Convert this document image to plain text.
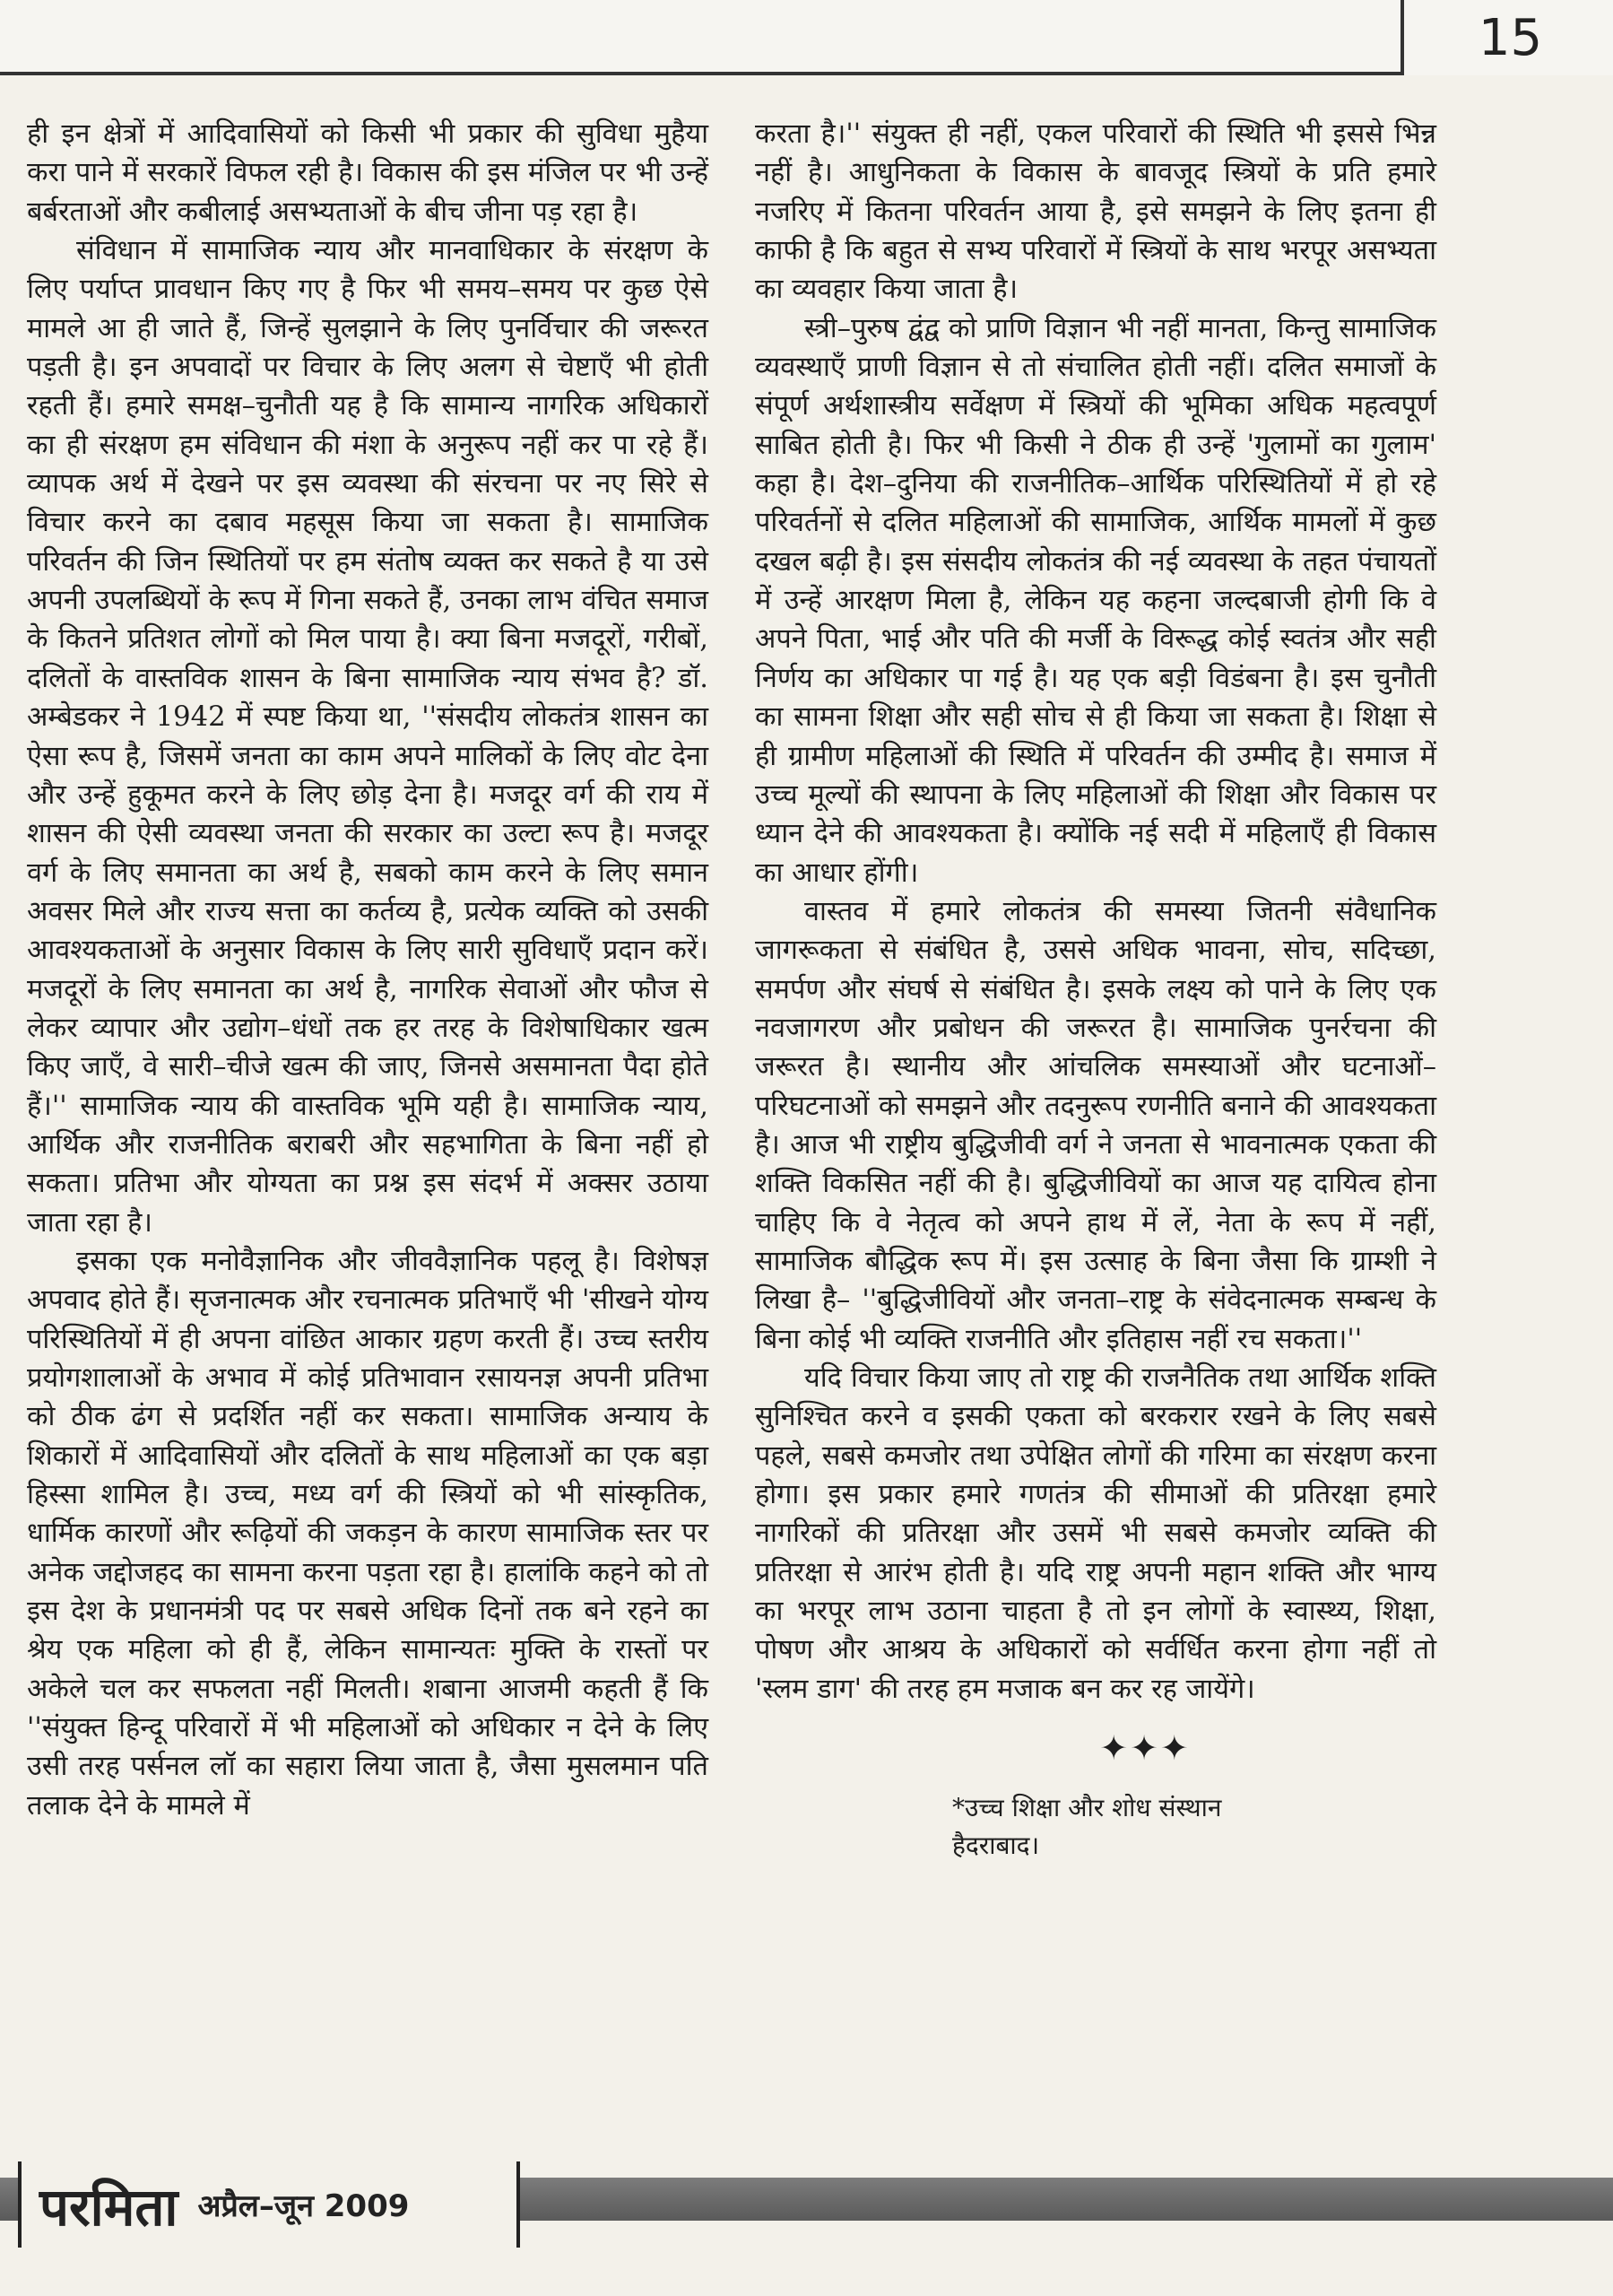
15

ही इन क्षेत्रों में आदिवासियों को किसी भी प्रकार की सुविधा मुहैया करा पाने में सरकारें विफल रही है। विकास की इस मंजिल पर भी उन्हें बर्बरताओं और कबीलाई असभ्यताओं के बीच जीना पड़ रहा है।

संविधान में सामाजिक न्याय और मानवाधिकार के संरक्षण के लिए पर्याप्त प्रावधान किए गए है फिर भी समय–समय पर कुछ ऐसे मामले आ ही जाते हैं, जिन्हें सुलझाने के लिए पुनर्विचार की जरूरत पड़ती है। इन अपवादों पर विचार के लिए अलग से चेष्टाएँ भी होती रहती हैं। हमारे समक्ष–चुनौती यह है कि सामान्य नागरिक अधिकारों का ही संरक्षण हम संविधान की मंशा के अनुरूप नहीं कर पा रहे हैं। व्यापक अर्थ में देखने पर इस व्यवस्था की संरचना पर नए सिरे से विचार करने का दबाव महसूस किया जा सकता है। सामाजिक परिवर्तन की जिन स्थितियों पर हम संतोष व्यक्त कर सकते है या उसे अपनी उपलब्धियों के रूप में गिना सकते हैं, उनका लाभ वंचित समाज के कितने प्रतिशत लोगों को मिल पाया है। क्या बिना मजदूरों, गरीबों, दलितों के वास्तविक शासन के बिना सामाजिक न्याय संभव है? डॉ. अम्बेडकर ने 1942 में स्पष्ट किया था, ''संसदीय लोकतंत्र शासन का ऐसा रूप है, जिसमें जनता का काम अपने मालिकों के लिए वोट देना और उन्हें हुकूमत करने के लिए छोड़ देना है। मजदूर वर्ग की राय में शासन की ऐसी व्यवस्था जनता की सरकार का उल्टा रूप है। मजदूर वर्ग के लिए समानता का अर्थ है, सबको काम करने के लिए समान अवसर मिले और राज्य सत्ता का कर्तव्य है, प्रत्येक व्यक्ति को उसकी आवश्यकताओं के अनुसार विकास के लिए सारी सुविधाएँ प्रदान करें। मजदूरों के लिए समानता का अर्थ है, नागरिक सेवाओं और फौज से लेकर व्यापार और उद्योग–धंधों तक हर तरह के विशेषाधिकार खत्म किए जाएँ, वे सारी–चीजे खत्म की जाए, जिनसे असमानता पैदा होते हैं।'' सामाजिक न्याय की वास्तविक भूमि यही है। सामाजिक न्याय, आर्थिक और राजनीतिक बराबरी और सहभागिता के बिना नहीं हो सकता। प्रतिभा और योग्यता का प्रश्न इस संदर्भ में अक्सर उठाया जाता रहा है।

इसका एक मनोवैज्ञानिक और जीववैज्ञानिक पहलू है। विशेषज्ञ अपवाद होते हैं। सृजनात्मक और रचनात्मक प्रतिभाएँ भी 'सीखने योग्य परिस्थितियों में ही अपना वांछित आकार ग्रहण करती हैं। उच्च स्तरीय प्रयोगशालाओं के अभाव में कोई प्रतिभावान रसायनज्ञ अपनी प्रतिभा को ठीक ढंग से प्रदर्शित नहीं कर सकता। सामाजिक अन्याय के शिकारों में आदिवासियों और दलितों के साथ महिलाओं का एक बड़ा हिस्सा शामिल है। उच्च, मध्य वर्ग की स्त्रियों को भी सांस्कृतिक, धार्मिक कारणों और रूढ़ियों की जकड़न के कारण सामाजिक स्तर पर अनेक जद्दोजहद का सामना करना पड़ता रहा है। हालांकि कहने को तो इस देश के प्रधानमंत्री पद पर सबसे अधिक दिनों तक बने रहने का श्रेय एक महिला को ही हैं, लेकिन सामान्यतः मुक्ति के रास्तों पर अकेले चल कर सफलता नहीं मिलती। शबाना आजमी कहती हैं कि ''संयुक्त हिन्दू परिवारों में भी महिलाओं को अधिकार न देने के लिए उसी तरह पर्सनल लॉ का सहारा लिया जाता है, जैसा मुसलमान पति तलाक देने के मामले में

करता है।'' संयुक्त ही नहीं, एकल परिवारों की स्थिति भी इससे भिन्न नहीं है। आधुनिकता के विकास के बावजूद स्त्रियों के प्रति हमारे नजरिए में कितना परिवर्तन आया है, इसे समझने के लिए इतना ही काफी है कि बहुत से सभ्य परिवारों में स्त्रियों के साथ भरपूर असभ्यता का व्यवहार किया जाता है।

स्त्री–पुरुष द्वंद्व को प्राणि विज्ञान भी नहीं मानता, किन्तु सामाजिक व्यवस्थाएँ प्राणी विज्ञान से तो संचालित होती नहीं। दलित समाजों के संपूर्ण अर्थशास्त्रीय सर्वेक्षण में स्त्रियों की भूमिका अधिक महत्वपूर्ण साबित होती है। फिर भी किसी ने ठीक ही उन्हें 'गुलामों का गुलाम' कहा है। देश–दुनिया की राजनीतिक–आर्थिक परिस्थितियों में हो रहे परिवर्तनों से दलित महिलाओं की सामाजिक, आर्थिक मामलों में कुछ दखल बढ़ी है। इस संसदीय लोकतंत्र की नई व्यवस्था के तहत पंचायतों में उन्हें आरक्षण मिला है, लेकिन यह कहना जल्दबाजी होगी कि वे अपने पिता, भाई और पति की मर्जी के विरूद्ध कोई स्वतंत्र और सही निर्णय का अधिकार पा गई है। यह एक बड़ी विडंबना है। इस चुनौती का सामना शिक्षा और सही सोच से ही किया जा सकता है। शिक्षा से ही ग्रामीण महिलाओं की स्थिति में परिवर्तन की उम्मीद है। समाज में उच्च मूल्यों की स्थापना के लिए महिलाओं की शिक्षा और विकास पर ध्यान देने की आवश्यकता है। क्योंकि नई सदी में महिलाएँ ही विकास का आधार होंगी।

वास्तव में हमारे लोकतंत्र की समस्या जितनी संवैधानिक जागरूकता से संबंधित है, उससे अधिक भावना, सोच, सदिच्छा, समर्पण और संघर्ष से संबंधित है। इसके लक्ष्य को पाने के लिए एक नवजागरण और प्रबोधन की जरूरत है। सामाजिक पुनर्रचना की जरूरत है। स्थानीय और आंचलिक समस्याओं और घटनाओं–परिघटनाओं को समझने और तदनुरूप रणनीति बनाने की आवश्यकता है। आज भी राष्ट्रीय बुद्धिजीवी वर्ग ने जनता से भावनात्मक एकता की शक्ति विकसित नहीं की है। बुद्धिजीवियों का आज यह दायित्व होना चाहिए कि वे नेतृत्व को अपने हाथ में लें, नेता के रूप में नहीं, सामाजिक बौद्धिक रूप में। इस उत्साह के बिना जैसा कि ग्राम्शी ने लिखा है– ''बुद्धिजीवियों और जनता–राष्ट्र के संवेदनात्मक सम्बन्ध के बिना कोई भी व्यक्ति राजनीति और इतिहास नहीं रच सकता।''

यदि विचार किया जाए तो राष्ट्र की राजनैतिक तथा आर्थिक शक्ति सुनिश्चित करने व इसकी एकता को बरकरार रखने के लिए सबसे पहले, सबसे कमजोर तथा उपेक्षित लोगों की गरिमा का संरक्षण करना होगा। इस प्रकार हमारे गणतंत्र की सीमाओं की प्रतिरक्षा हमारे नागरिकों की प्रतिरक्षा और उसमें भी सबसे कमजोर व्यक्ति की प्रतिरक्षा से आरंभ होती है। यदि राष्ट्र अपनी महान शक्ति और भाग्य का भरपूर लाभ उठाना चाहता है तो इन लोगों के स्वास्थ्य, शिक्षा, पोषण और आश्रय के अधिकारों को सर्वर्धित करना होगा नहीं तो 'स्लम डाग' की तरह हम मजाक बन कर रह जायेंगे।

✦✦✦
*उच्च शिक्षा और शोध संस्थान
हैदराबाद।
परमिता अप्रैल–जून 2009
